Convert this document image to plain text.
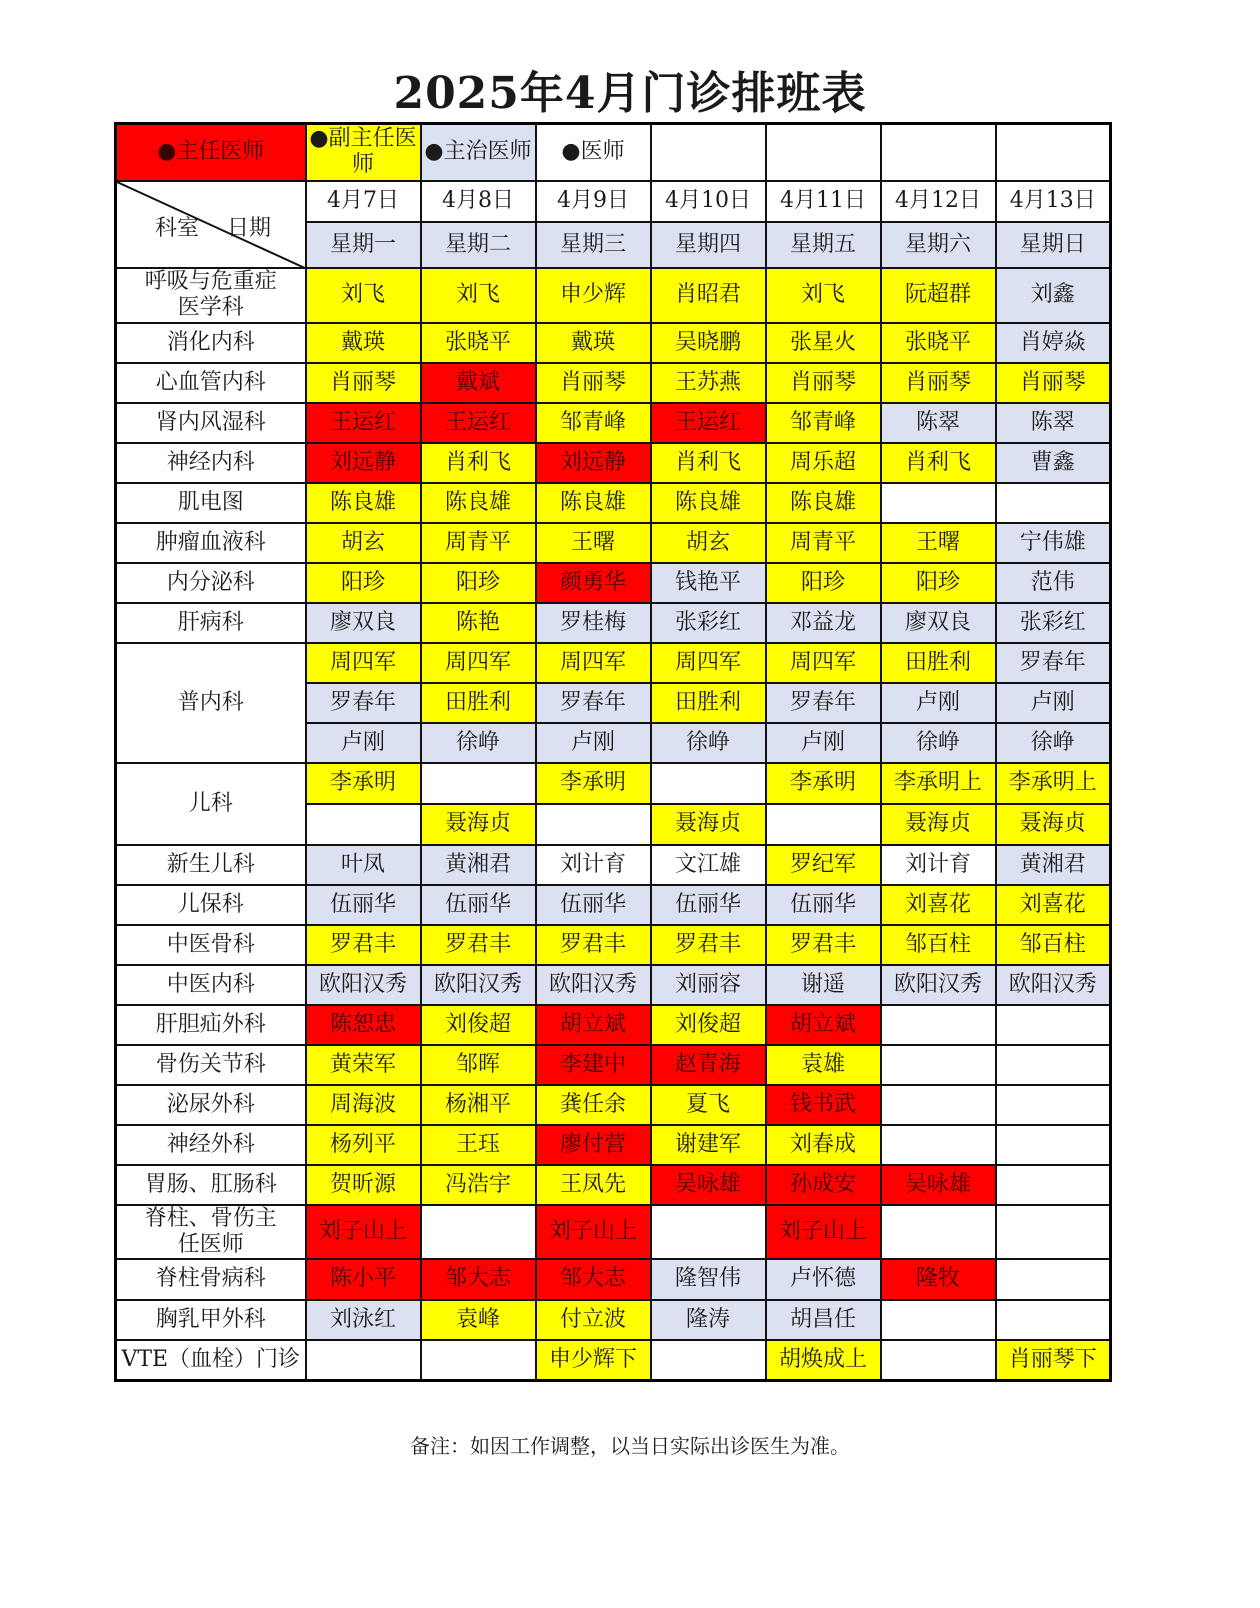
2025年4月门诊排班表
●主任医师	●副主任医师	●主治医师	●医师				

科室 日期	4月7日	4月8日	4月9日	4月10日	4月11日	4月12日	4月13日
	星期一	星期二	星期三	星期四	星期五	星期六	星期日
呼吸与危重症医学科	刘飞	刘飞	申少辉	肖昭君	刘飞	阮超群	刘鑫
消化内科	戴瑛	张晓平	戴瑛	吴晓鹏	张星火	张晓平	肖婷焱
心血管内科	肖丽琴	戴斌	肖丽琴	王苏燕	肖丽琴	肖丽琴	肖丽琴
肾内风湿科	王运红	王运红	邹青峰	王运红	邹青峰	陈翠	陈翠
神经内科	刘远静	肖利飞	刘远静	肖利飞	周乐超	肖利飞	曹鑫
肌电图	陈良雄	陈良雄	陈良雄	陈良雄	陈良雄		
肿瘤血液科	胡玄	周青平	王曙	胡玄	周青平	王曙	宁伟雄
内分泌科	阳珍	阳珍	颜勇华	钱艳平	阳珍	阳珍	范伟
肝病科	廖双良	陈艳	罗桂梅	张彩红	邓益龙	廖双良	张彩红
普内科	周四军	周四军	周四军	周四军	周四军	田胜利	罗春年
	罗春年	田胜利	罗春年	田胜利	罗春年	卢刚	卢刚
	卢刚	徐峥	卢刚	徐峥	卢刚	徐峥	徐峥
儿科	李承明		李承明		李承明	李承明上	李承明上
		聂海贞		聂海贞		聂海贞	聂海贞
新生儿科	叶凤	黄湘君	刘计育	文江雄	罗纪军	刘计育	黄湘君
儿保科	伍丽华	伍丽华	伍丽华	伍丽华	伍丽华	刘喜花	刘喜花
中医骨科	罗君丰	罗君丰	罗君丰	罗君丰	罗君丰	邹百柱	邹百柱
中医内科	欧阳汉秀	欧阳汉秀	欧阳汉秀	刘丽容	谢遥	欧阳汉秀	欧阳汉秀
肝胆疝外科	陈恕忠	刘俊超	胡立斌	刘俊超	胡立斌		
骨伤关节科	黄荣军	邹晖	李建中	赵青海	袁雄		
泌尿外科	周海波	杨湘平	龚任余	夏飞	钱书武		
神经外科	杨列平	王珏	廖付营	谢建军	刘春成		
胃肠、肛肠科	贺昕源	冯浩宇	王凤先	吴咏雄	孙成安	吴咏雄	
脊柱、骨伤主任医师	刘子山上		刘子山上		刘子山上		
脊柱骨病科	陈小平	邹大志	邹大志	隆智伟	卢怀德	隆牧	
胸乳甲外科	刘泳红	袁峰	付立波	隆涛	胡昌任		
VTE（血栓）门诊			申少辉下		胡焕成上		肖丽琴下
备注：如因工作调整，以当日实际出诊医生为准。
